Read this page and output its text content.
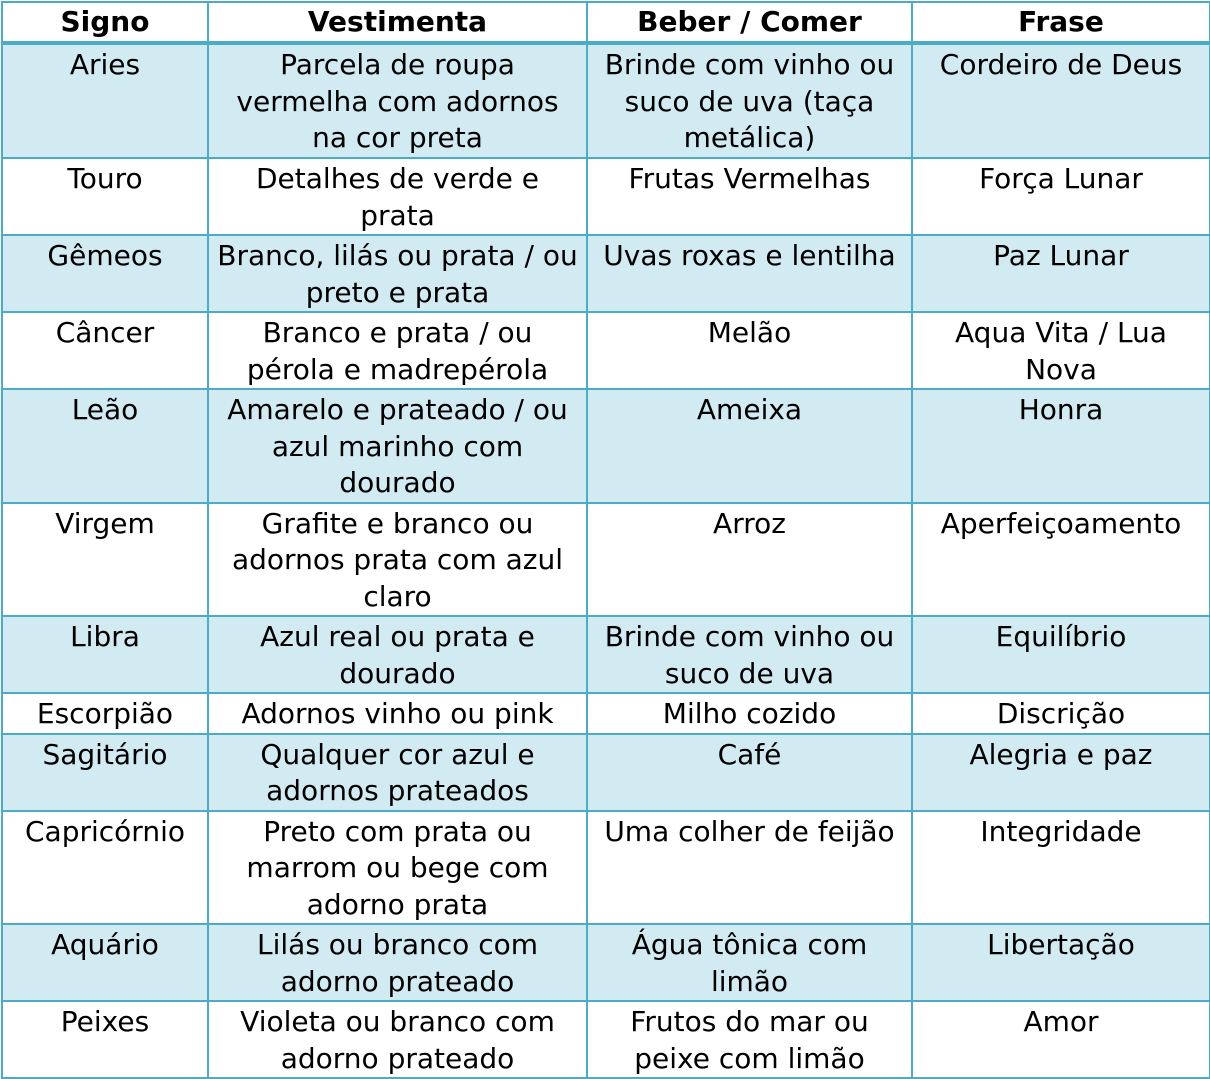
Signo	Vestimenta	Beber / Comer	Frase
Aries	Parcela de roupa vermelha com adornos na cor preta	Brinde com vinho ou suco de uva (taça metálica)	Cordeiro de Deus
Touro	Detalhes de verde e prata	Frutas Vermelhas	Força Lunar
Gêmeos	Branco, lilás ou prata / ou preto e prata	Uvas roxas e lentilha	Paz Lunar
Câncer	Branco e prata / ou pérola e madrepérola	Melão	Aqua Vita / Lua Nova
Leão	Amarelo e prateado / ou azul marinho com dourado	Ameixa	Honra
Virgem	Grafite e branco ou adornos prata com azul claro	Arroz	Aperfeiçoamento
Libra	Azul real ou prata e dourado	Brinde com vinho ou suco de uva	Equilíbrio
Escorpião	Adornos vinho ou pink	Milho cozido	Discrição
Sagitário	Qualquer cor azul e adornos prateados	Café	Alegria e paz
Capricórnio	Preto com prata ou marrom ou bege com adorno prata	Uma colher de feijão	Integridade
Aquário	Lilás ou branco com adorno prateado	Água tônica com limão	Libertação
Peixes	Violeta ou branco com adorno prateado	Frutos do mar ou peixe com limão	Amor
